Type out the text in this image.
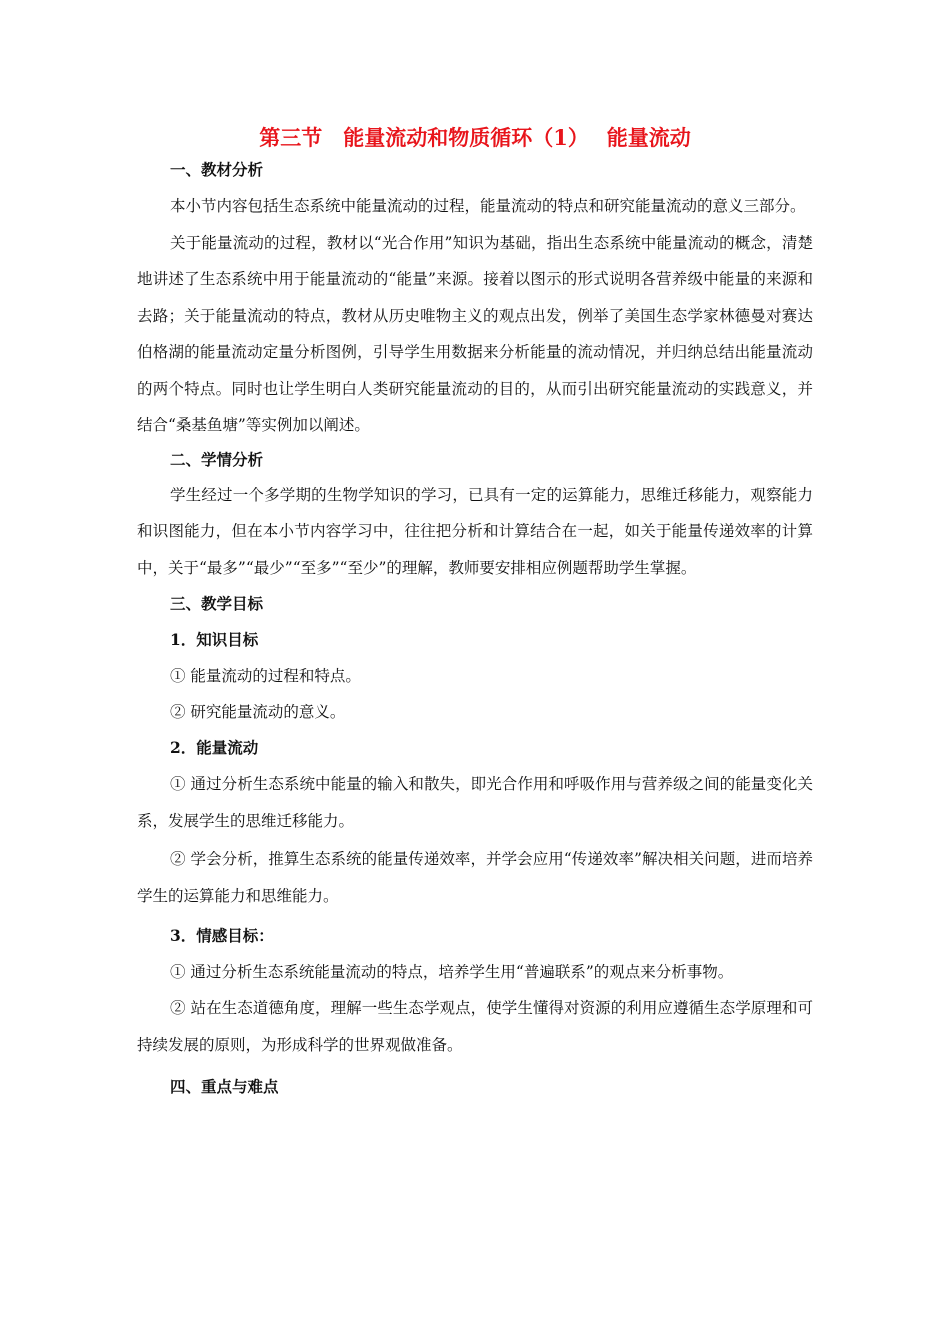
第三节　能量流动和物质循环（1）　 能量流动
一、教材分析

本小节内容包括生态系统中能量流动的过程，能量流动的特点和研究能量流动的意义三部分。

关于能量流动的过程，教材以“光合作用”知识为基础，指出生态系统中能量流动的概念，清楚地讲述了生态系统中用于能量流动的“能量”来源。接着以图示的形式说明各营养级中能量的来源和去路；关于能量流动的特点，教材从历史唯物主义的观点出发，例举了美国生态学家林德曼对赛达伯格湖的能量流动定量分析图例，引导学生用数据来分析能量的流动情况，并归纳总结出能量流动的两个特点。同时也让学生明白人类研究能量流动的目的，从而引出研究能量流动的实践意义，并结合“桑基鱼塘”等实例加以阐述。

二、学情分析

学生经过一个多学期的生物学知识的学习，已具有一定的运算能力，思维迁移能力，观察能力和识图能力，但在本小节内容学习中，往往把分析和计算结合在一起，如关于能量传递效率的计算中，关于“最多”“最少”“至多”“至少”的理解，教师要安排相应例题帮助学生掌握。

三、教学目标
1．知识目标

① 能量流动的过程和特点。

② 研究能量流动的意义。

2．能量流动

① 通过分析生态系统中能量的输入和散失，即光合作用和呼吸作用与营养级之间的能量变化关系，发展学生的思维迁移能力。

② 学会分析，推算生态系统的能量传递效率，并学会应用“传递效率”解决相关问题，进而培养学生的运算能力和思维能力。

3．情感目标：

① 通过分析生态系统能量流动的特点，培养学生用“普遍联系”的观点来分析事物。

② 站在生态道德角度，理解一些生态学观点，使学生懂得对资源的利用应遵循生态学原理和可持续发展的原则，为形成科学的世界观做准备。

四、重点与难点
